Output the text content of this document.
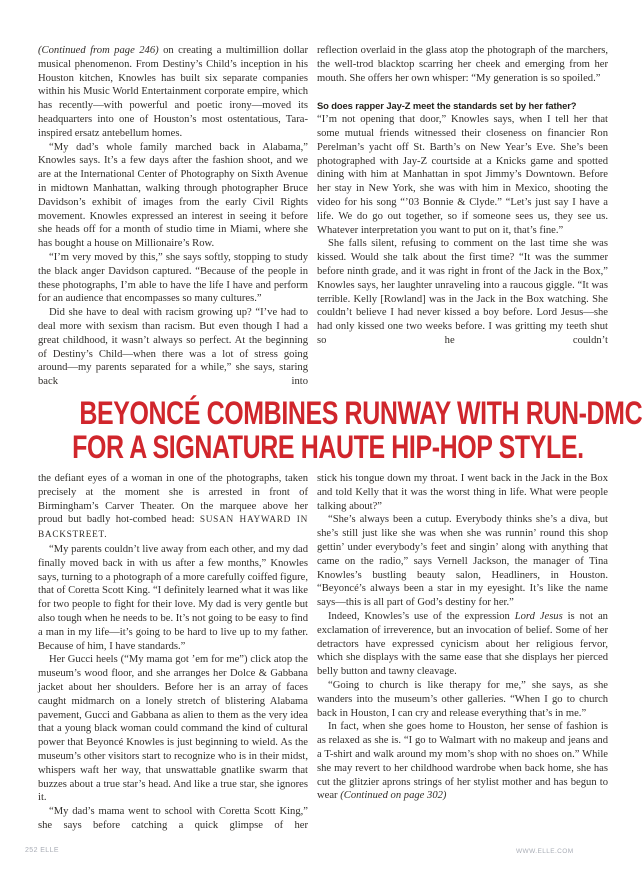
(Continued from page 246) on creating a multimillion dollar musical phenomenon. From Destiny’s Child’s inception in his Houston kitchen, Knowles has built six separate companies within his Music World Entertainment corporate empire, which has recently—with powerful and poetic irony—moved its headquarters into one of Houston’s most ostentatious, Tara-inspired ersatz antebellum homes.

“My dad’s whole family marched back in Alabama,” Knowles says. It’s a few days after the fashion shoot, and we are at the International Center of Photography on Sixth Avenue in midtown Manhattan, walking through photographer Bruce Davidson’s exhibit of images from the early Civil Rights movement. Knowles expressed an interest in seeing it before she heads off for a month of studio time in Miami, where she has bought a house on Millionaire’s Row.

“I’m very moved by this,” she says softly, stopping to study the black anger Davidson captured. “Because of the people in these photographs, I’m able to have the life I have and perform for an audience that encompasses so many cultures.”

Did she have to deal with racism growing up? “I’ve had to deal more with sexism than racism. But even though I had a great childhood, it wasn’t always so perfect. At the beginning of Destiny’s Child—when there was a lot of stress going around—my parents separated for a while,” she says, staring back into

reflection overlaid in the glass atop the photograph of the marchers, the well-trod blacktop scarring her cheek and emerging from her mouth. She offers her own whisper: “My generation is so spoiled.”

So does rapper Jay-Z meet the standards set by her father?

“I’m not opening that door,” Knowles says, when I tell her that some mutual friends witnessed their closeness on financier Ron Perelman’s yacht off St. Barth’s on New Year’s Eve. She’s been photographed with Jay-Z courtside at a Knicks game and spotted dining with him at Manhattan in spot Jimmy’s Downtown. Before her stay in New York, she was with him in Mexico, shooting the video for his song “’03 Bonnie & Clyde.” “Let’s just say I have a life. We do go out together, so if someone sees us, they see us. Whatever interpretation you want to put on it, that’s fine.”

She falls silent, refusing to comment on the last time she was kissed. Would she talk about the first time? “It was the summer before ninth grade, and it was right in front of the Jack in the Box,” Knowles says, her laughter unraveling into a raucous giggle. “It was terrible. Kelly [Rowland] was in the Jack in the Box watching. She couldn’t believe I had never kissed a boy before. Lord Jesus—she had only kissed one two weeks before. I was gritting my teeth shut so he couldn’t

BEYONCÉ COMBINES RUNWAY WITH RUN-DMC
FOR A SIGNATURE HAUTE HIP-HOP STYLE.

the defiant eyes of a woman in one of the photographs, taken precisely at the moment she is arrested in front of Birmingham’s Carver Theater. On the marquee above her proud but badly hot-combed head: SUSAN HAYWARD IN BACKSTREET.

“My parents couldn’t live away from each other, and my dad finally moved back in with us after a few months,” Knowles says, turning to a photograph of a more carefully coiffed figure, that of Coretta Scott King. “I definitely learned what it was like for two people to fight for their love. My dad is very gentle but also tough when he needs to be. It’s not going to be easy to find a man in my life—it’s going to be hard to live up to my father. Because of him, I have standards.”

Her Gucci heels (“My mama got ’em for me”) click atop the museum’s wood floor, and she arranges her Dolce & Gabbana jacket about her shoulders. Before her is an array of faces caught midmarch on a lonely stretch of blistering Alabama pavement, Gucci and Gabbana as alien to them as the very idea that a young black woman could command the kind of cultural power that Beyoncé Knowles is just beginning to wield. As the museum’s other visitors start to recognize who is in their midst, whispers waft her way, that unswattable gnatlike swarm that buzzes about a true star’s head. And like a true star, she ignores it.

“My dad’s mama went to school with Coretta Scott King,” she says before catching a quick glimpse of her

stick his tongue down my throat. I went back in the Jack in the Box and told Kelly that it was the worst thing in life. What were people talking about?”

“She’s always been a cutup. Everybody thinks she’s a diva, but she’s still just like she was when she was runnin’ round this shop gettin’ under everybody’s feet and singin’ along with anything that came on the radio,” says Vernell Jackson, the manager of Tina Knowles’s bustling beauty salon, Headliners, in Houston. “Beyoncé’s always been a star in my eyesight. It’s like the name says—this is all part of God’s destiny for her.”

Indeed, Knowles’s use of the expression Lord Jesus is not an exclamation of irreverence, but an invocation of belief. Some of her detractors have expressed cynicism about her religious fervor, which she displays with the same ease that she displays her pierced belly button and tawny cleavage.

“Going to church is like therapy for me,” she says, as she wanders into the museum’s other galleries. “When I go to church back in Houston, I can cry and release everything that’s in me.”

In fact, when she goes home to Houston, her sense of fashion is as relaxed as she is. “I go to Walmart with no makeup and jeans and a T-shirt and walk around my mom’s shop with no shoes on.” While she may revert to her childhood wardrobe when back home, she has cut the glitzier aprons strings of her stylist mother and has begun to wear (Continued on page 302)

252 ELLE	WWW.ELLE.COM
